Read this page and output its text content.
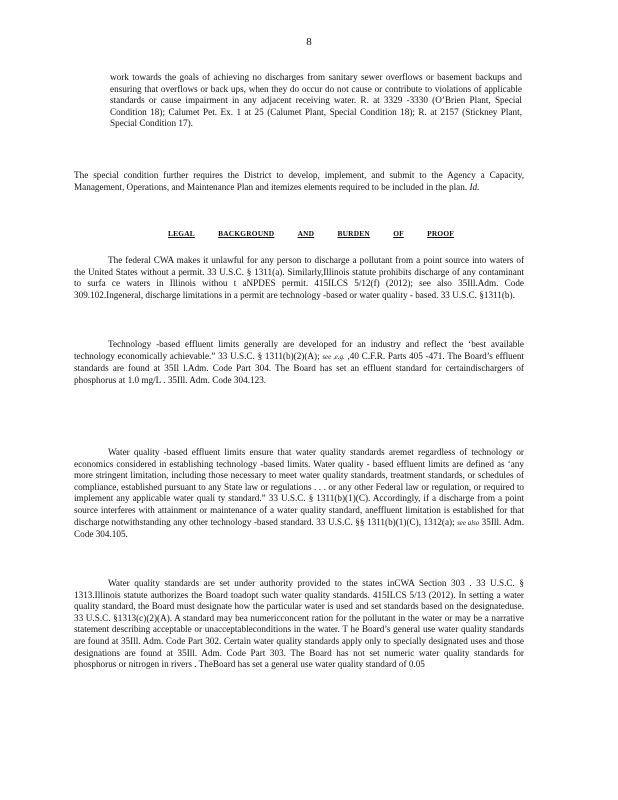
8

work towards the goals of achieving no discharges from sanitary sewer overflows or basement backups and ensuring that overflows or back ups, when they do occur do not cause or contribute to violations of applicable standards or cause impairment in any adjacent receiving water. R. at 3329 -3330 (O’Brien Plant, Special Condition 18); Calumet Pet. Ex. 1 at 25 (Calumet Plant, Special Condition 18); R. at 2157 (Stickney Plant, Special Condition 17).

The special condition further requires the District to develop, implement, and submit to the Agency a Capacity, Management, Operations, and Maintenance Plan and itemizes elements required to be included in the plan. Id.

LEGAL	BACKGROUND	AND	BURDEN	OF	PROOF

The federal CWA makes it unlawful for any person to discharge a pollutant from a point source into waters of the United States without a permit. 33 U.S.C. § 1311(a). Similarly,Illinois statute prohibits discharge of any contaminant to surfa ce waters in Illinois withou t aNPDES permit. 415ILCS 5/12(f) (2012); see also 35Ill.Adm. Code 309.102.Ingeneral, discharge limitations in a permit are technology -based or water quality - based. 33 U.S.C. §1311(b).

Technology -based effluent limits generally are developed for an industry and reflect the ‘best available technology economically achievable.” 33 U.S.C. § 1311(b)(2)(A); see ,e.g. ,40 C.F.R. Parts 405 -471. The Board’s effluent standards are found at 35Il l.Adm. Code Part 304. The Board has set an effluent standard for certaindischargers of phosphorus at 1.0 mg/L . 35Ill. Adm. Code 304.123.

Water quality -based effluent limits ensure that water quality standards aremet regardless of technology or economics considered in establishing technology -based limits. Water quality - based effluent limits are defined as ‘any more stringent limitation, including those necessary to meet water quality standards, treatment standards, or schedules of compliance, established pursuant to any State law or regulations . . . or any other Federal law or regulation, or required to implement any applicable water quali ty standard.” 33 U.S.C. § 1311(b)(1)(C). Accordingly, if a discharge from a point source interferes with attainment or maintenance of a water quality standard, aneffluent limitation is established for that discharge notwithstanding any other technology -based standard. 33 U.S.C. §§ 1311(b)(1)(C), 1312(a); see also 35Ill. Adm. Code 304.105.

Water quality standards are set under authority provided to the states inCWA Section 303 . 33 U.S.C. § 1313.Illinois statute authorizes the Board toadopt such water quality standards. 415ILCS 5/13 (2012). In setting a water quality standard, the Board must designate how the particular water is used and set standards based on the designateduse. 33 U.S.C. §1313(c)(2)(A). A standard may bea numericconcent ration for the pollutant in the water or may be a narrative statement describing acceptable or unacceptableconditions in the water. T he Board’s general use water quality standards are found at 35Ill. Adm. Code Part 302. Certain water quality standards apply only to specially designated uses and those designations are found at 35Ill. Adm. Code Part 303. The Board has not set numeric water quality standards for phosphorus or nitrogen in rivers . TheBoard has set a general use water quality standard of 0.05
